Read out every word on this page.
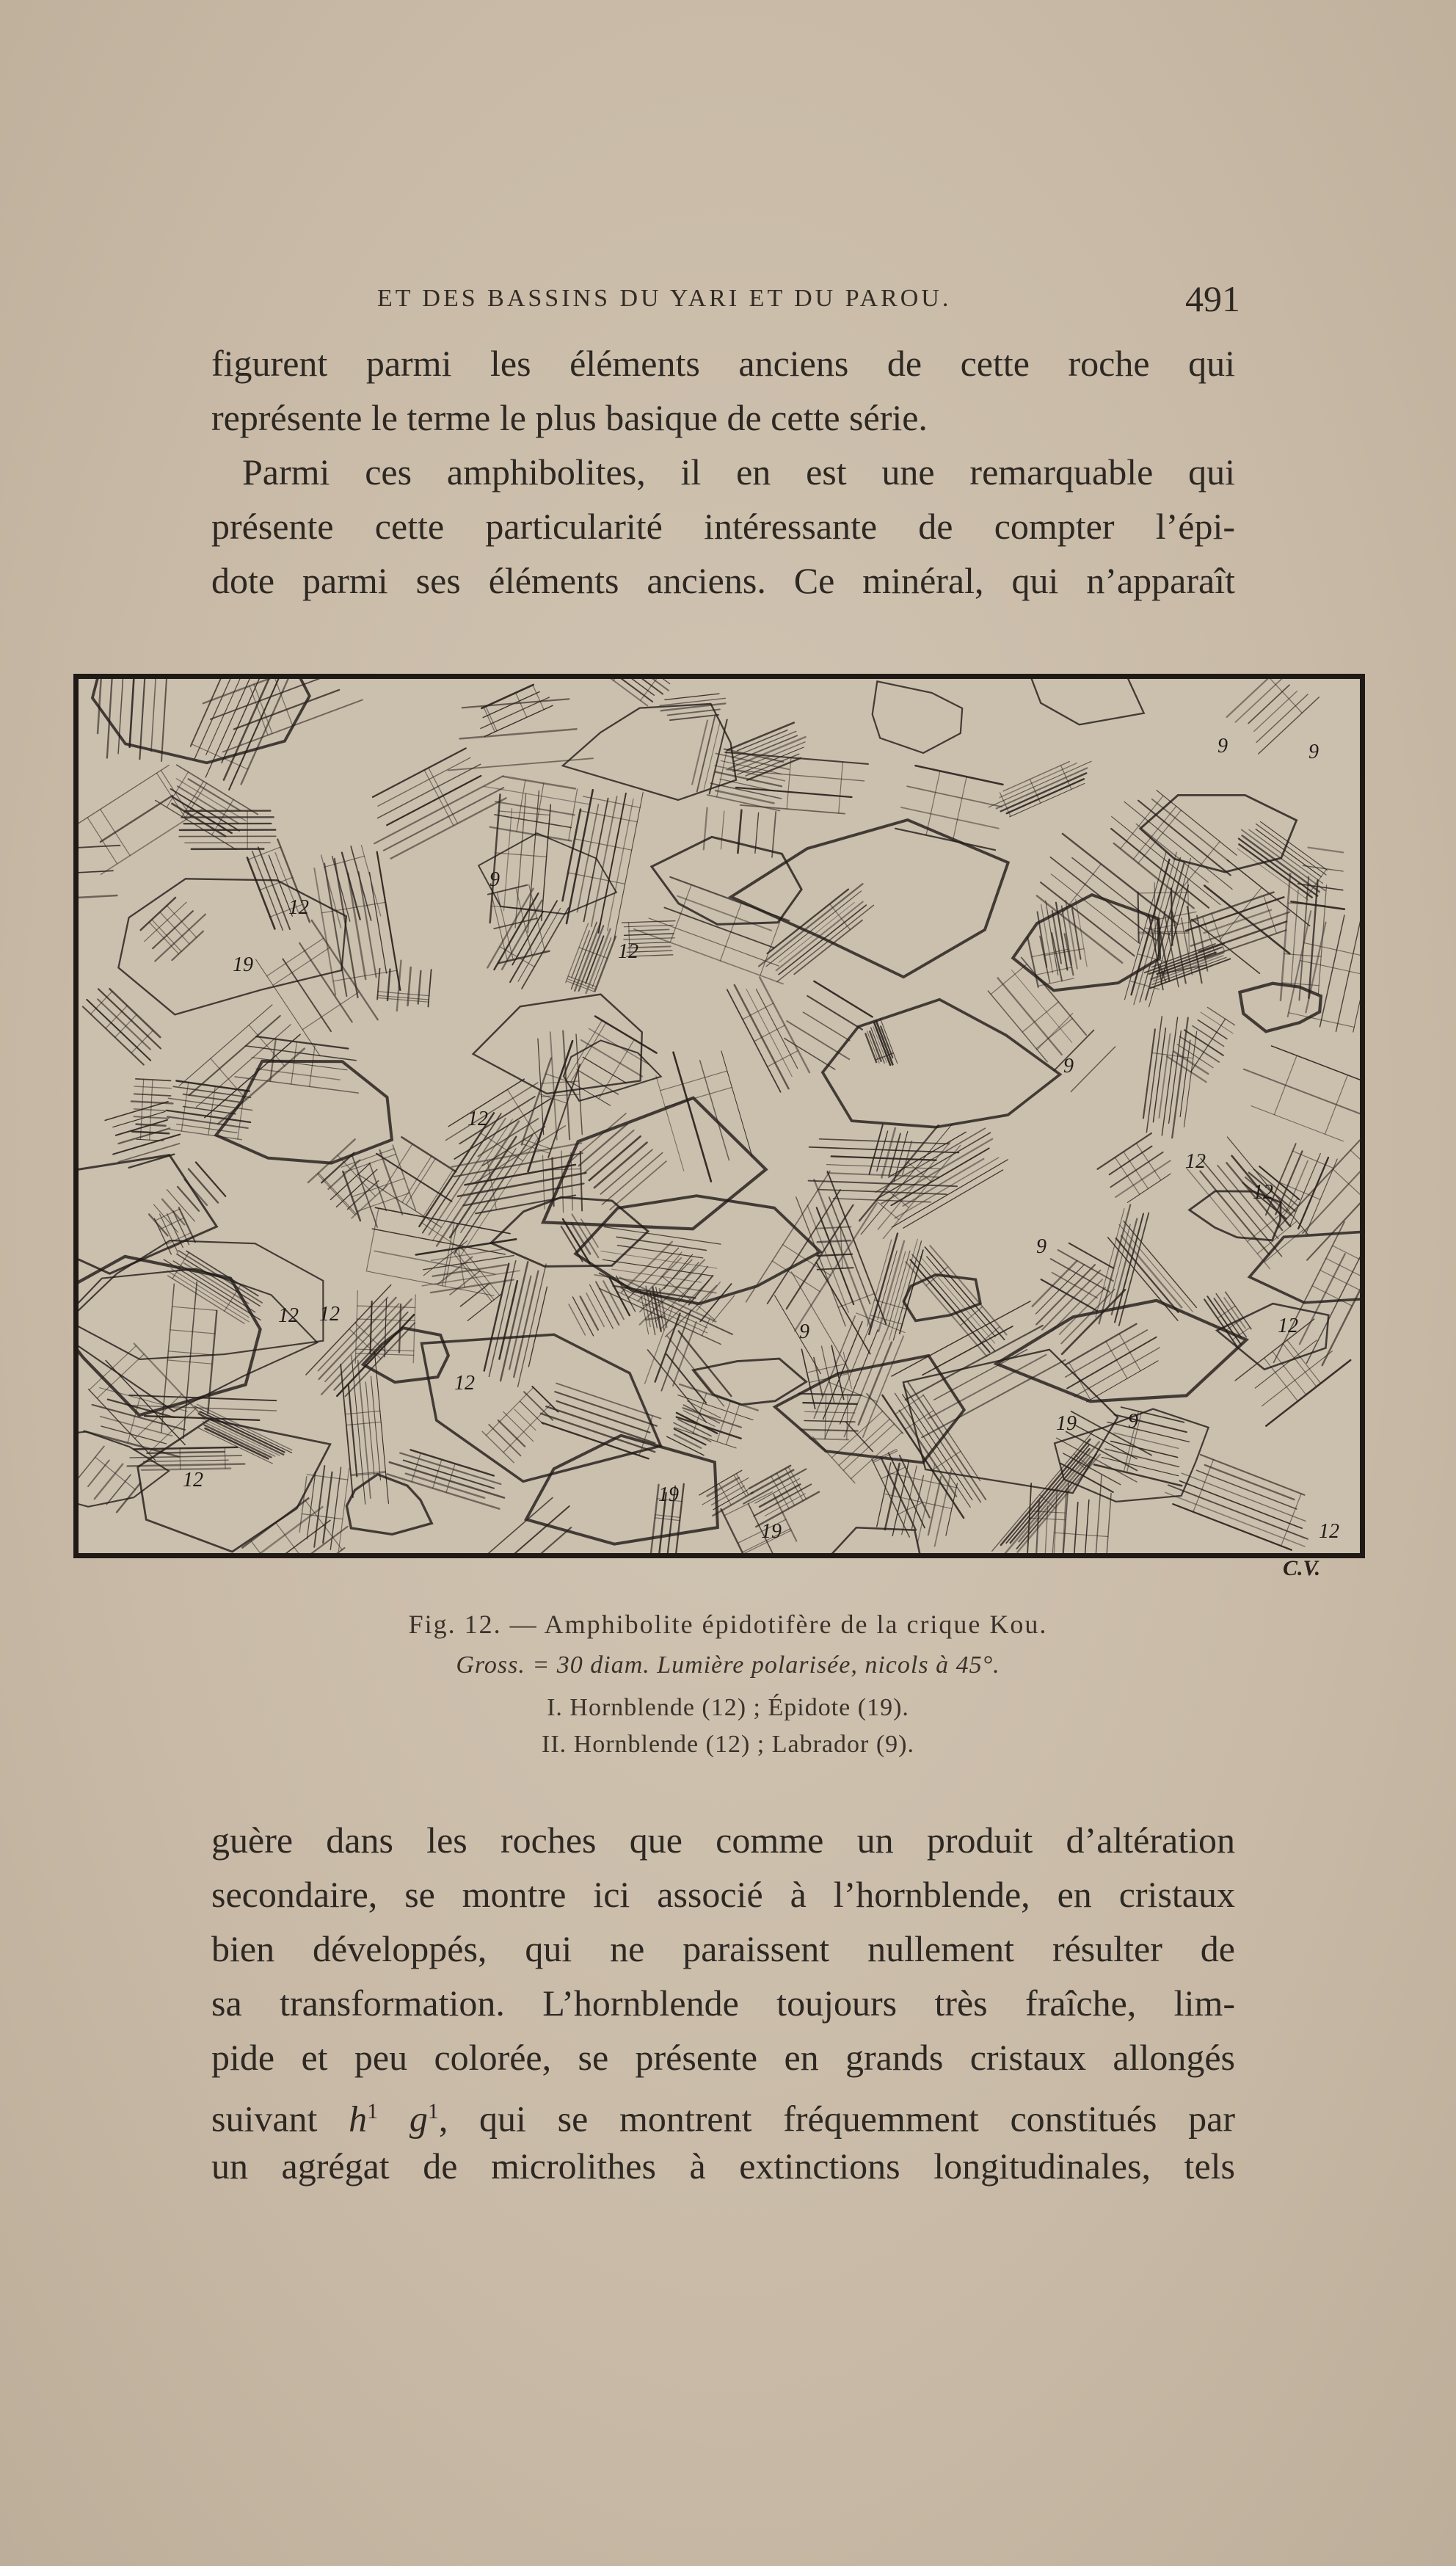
ET DES BASSINS DU YARI ET DU PAROU.	491
figurent parmi les éléments anciens de cette roche qui
représente le terme le plus basique de cette série.
Parmi ces amphibolites, il en est une remarquable qui
présente cette particularité intéressante de compter l’épi-
dote parmi ses éléments anciens. Ce minéral, qui n’apparaît
9	9
12
12
19
9
12
9
12
12
9
12
19
12
9
12
12
19
12
19
9
12
C.V.
Fig. 12. — Amphibolite épidotifère de la crique Kou.
Gross. = 30 diam. Lumière polarisée, nicols à 45°.
I. Hornblende (12) ; Épidote (19).
II. Hornblende (12) ; Labrador (9).
guère dans les roches que comme un produit d’altération
secondaire, se montre ici associé à l’hornblende, en cristaux
bien développés, qui ne paraissent nullement résulter de
sa transformation. L’hornblende toujours très fraîche, lim-
pide et peu colorée, se présente en grands cristaux allongés
suivant $h^1$ $g^1$, qui se montrent fréquemment constitués par
un agrégat de microlithes à extinctions longitudinales, tels
